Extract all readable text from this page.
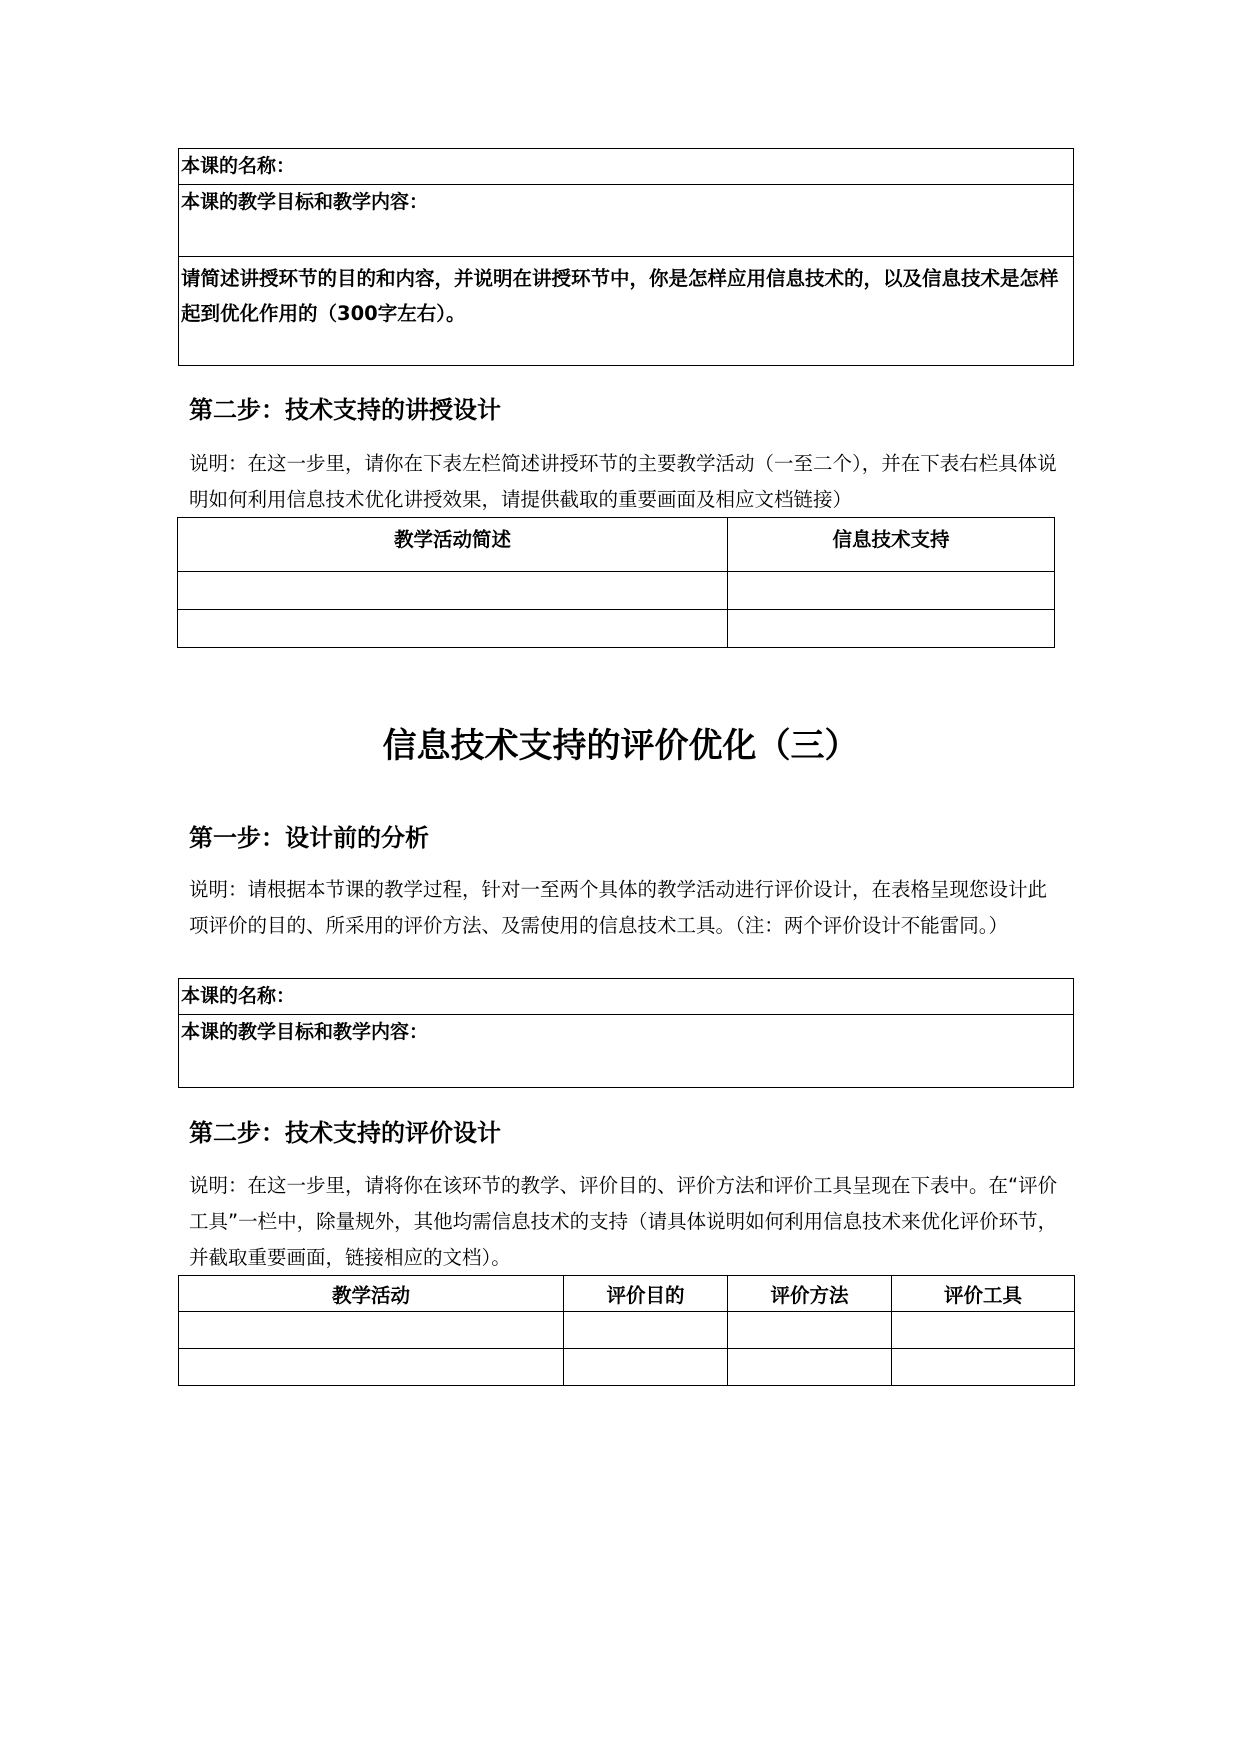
本课的名称：
本课的教学目标和教学内容：

请简述讲授环节的目的和内容，并说明在讲授环节中，你是怎样应用信息技术的，以及信息技术是怎样起到优化作用的（300字左右）。
第二步：技术支持的讲授设计
说明：在这一步里，请你在下表左栏简述讲授环节的主要教学活动（一至二个），并在下表右栏具体说明如何利用信息技术优化讲授效果，请提供截取的重要画面及相应文档链接）
教学活动简述	信息技术支持

信息技术支持的评价优化（三）
第一步：设计前的分析
说明：请根据本节课的教学过程，针对一至两个具体的教学活动进行评价设计，在表格呈现您设计此项评价的目的、所采用的评价方法、及需使用的信息技术工具。（注：两个评价设计不能雷同。）
本课的名称：
本课的教学目标和教学内容：
第二步：技术支持的评价设计
说明：在这一步里，请将你在该环节的教学、评价目的、评价方法和评价工具呈现在下表中。在“评价工具”一栏中，除量规外，其他均需信息技术的支持（请具体说明如何利用信息技术来优化评价环节，并截取重要画面，链接相应的文档）。
教学活动	评价目的	评价方法	评价工具
